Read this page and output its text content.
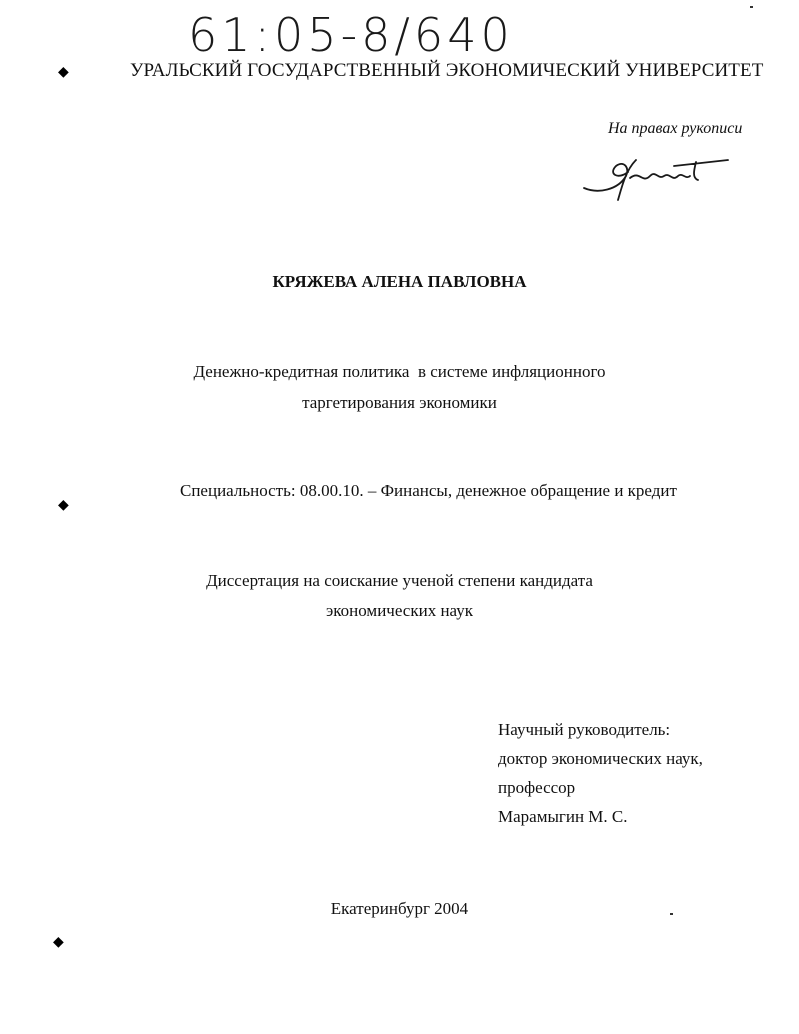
61:05-8/640
◆
◆
◆
УРАЛЬСКИЙ ГОСУДАРСТВЕННЫЙ ЭКОНОМИЧЕСКИЙ УНИВЕРСИТЕТ
На правах рукописи
КРЯЖЕВА АЛЕНА ПАВЛОВНА
Денежно-кредитная политика  в системе инфляционного
таргетирования экономики
Специальность: 08.00.10. – Финансы, денежное обращение и кредит
Диссертация на соискание ученой степени кандидата
экономических наук
Научный руководитель:
доктор экономических наук,
профессор
Марамыгин М. С.
Екатеринбург 2004
